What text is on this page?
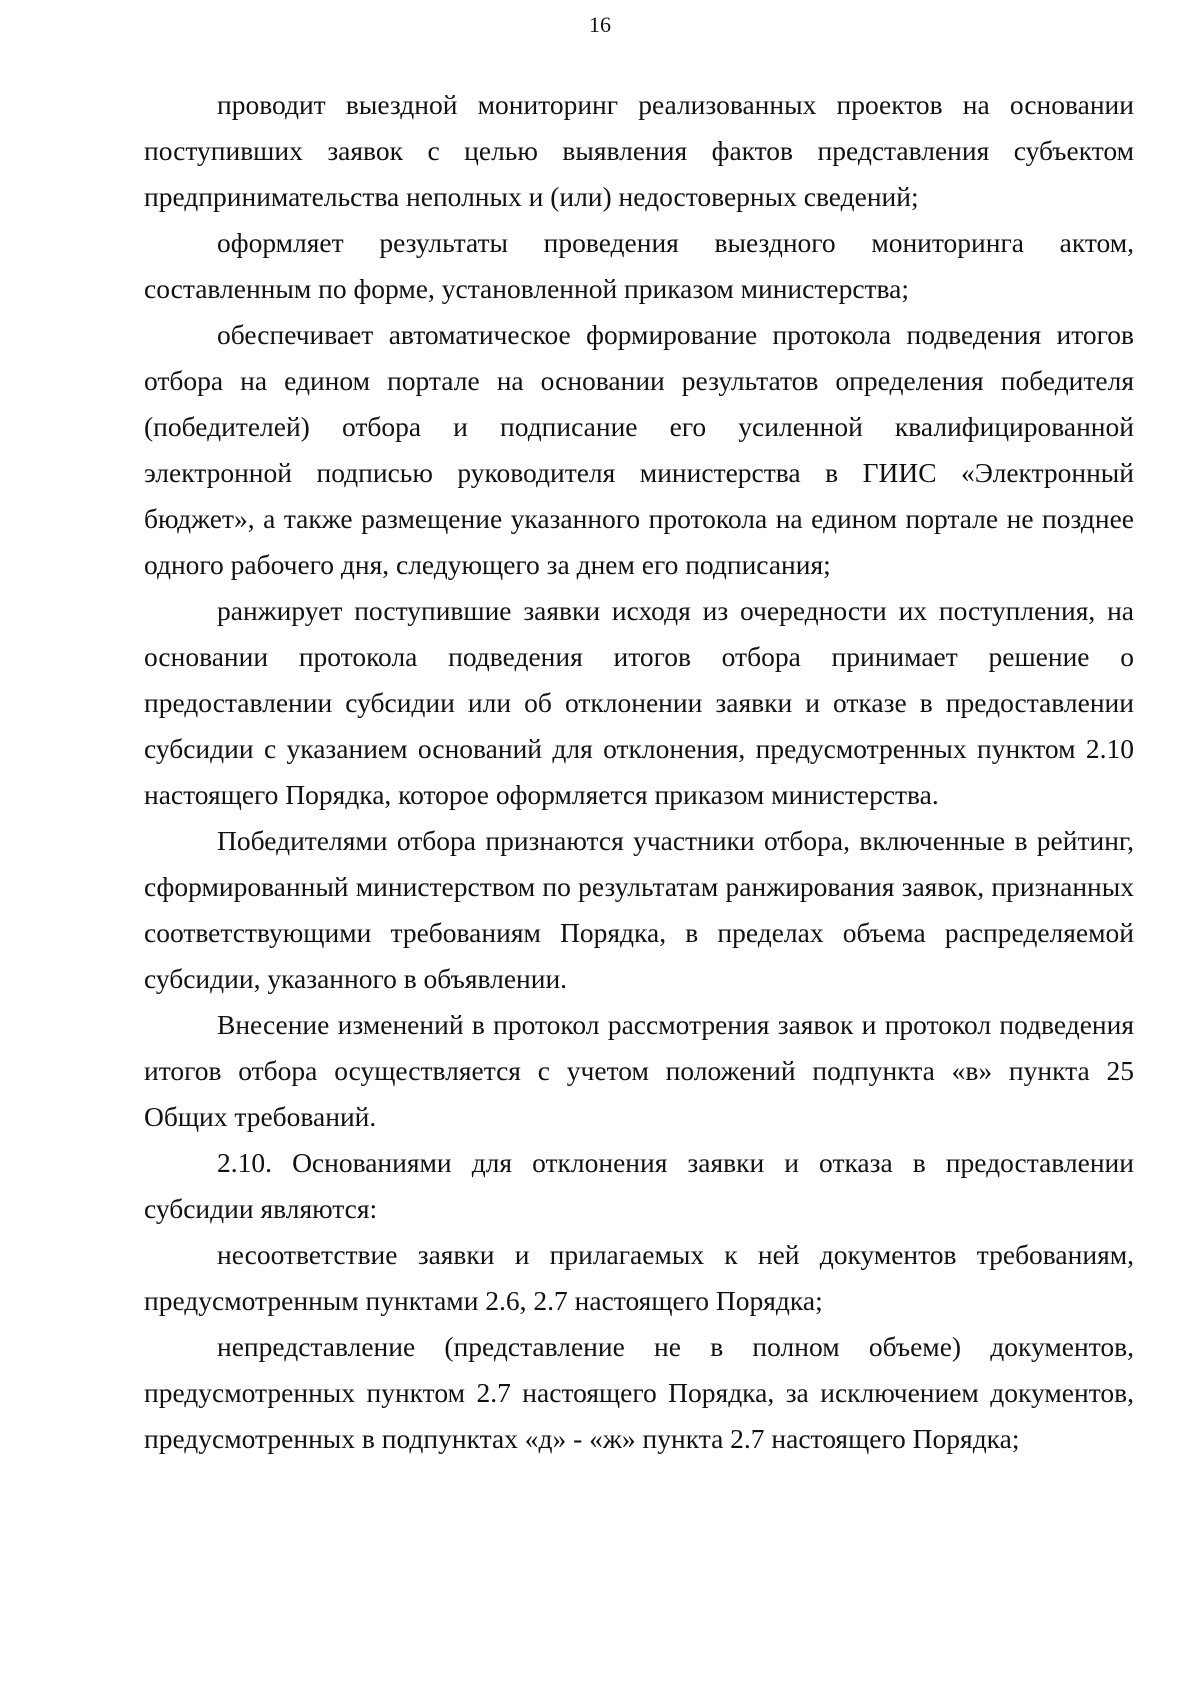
16

проводит выездной мониторинг реализованных проектов на основании поступивших заявок с целью выявления фактов представления субъектом предпринимательства неполных и (или) недостоверных сведений;

оформляет результаты проведения выездного мониторинга актом, составленным по форме, установленной приказом министерства;

обеспечивает автоматическое формирование протокола подведения итогов отбора на едином портале на основании результатов определения победителя (победителей) отбора и подписание его усиленной квалифицированной электронной подписью руководителя министерства в ГИИС «Электронный бюджет», а также размещение указанного протокола на едином портале не позднее одного рабочего дня, следующего за днем его подписания;

ранжирует поступившие заявки исходя из очередности их поступления, на основании протокола подведения итогов отбора принимает решение о предоставлении субсидии или об отклонении заявки и отказе в предоставлении субсидии с указанием оснований для отклонения, предусмотренных пунктом 2.10 настоящего Порядка, которое оформляется приказом министерства.

Победителями отбора признаются участники отбора, включенные в рейтинг, сформированный министерством по результатам ранжирования заявок, признанных соответствующими требованиям Порядка, в пределах объема распределяемой субсидии, указанного в объявлении.

Внесение изменений в протокол рассмотрения заявок и протокол подведения итогов отбора осуществляется с учетом положений подпункта «в» пункта 25 Общих требований.

2.10. Основаниями для отклонения заявки и отказа в предоставлении субсидии являются:

несоответствие заявки и прилагаемых к ней документов требованиям, предусмотренным пунктами 2.6, 2.7 настоящего Порядка;

непредставление (представление не в полном объеме) документов, предусмотренных пунктом 2.7 настоящего Порядка, за исключением документов, предусмотренных в подпунктах «д» - «ж» пункта 2.7 настоящего Порядка;
